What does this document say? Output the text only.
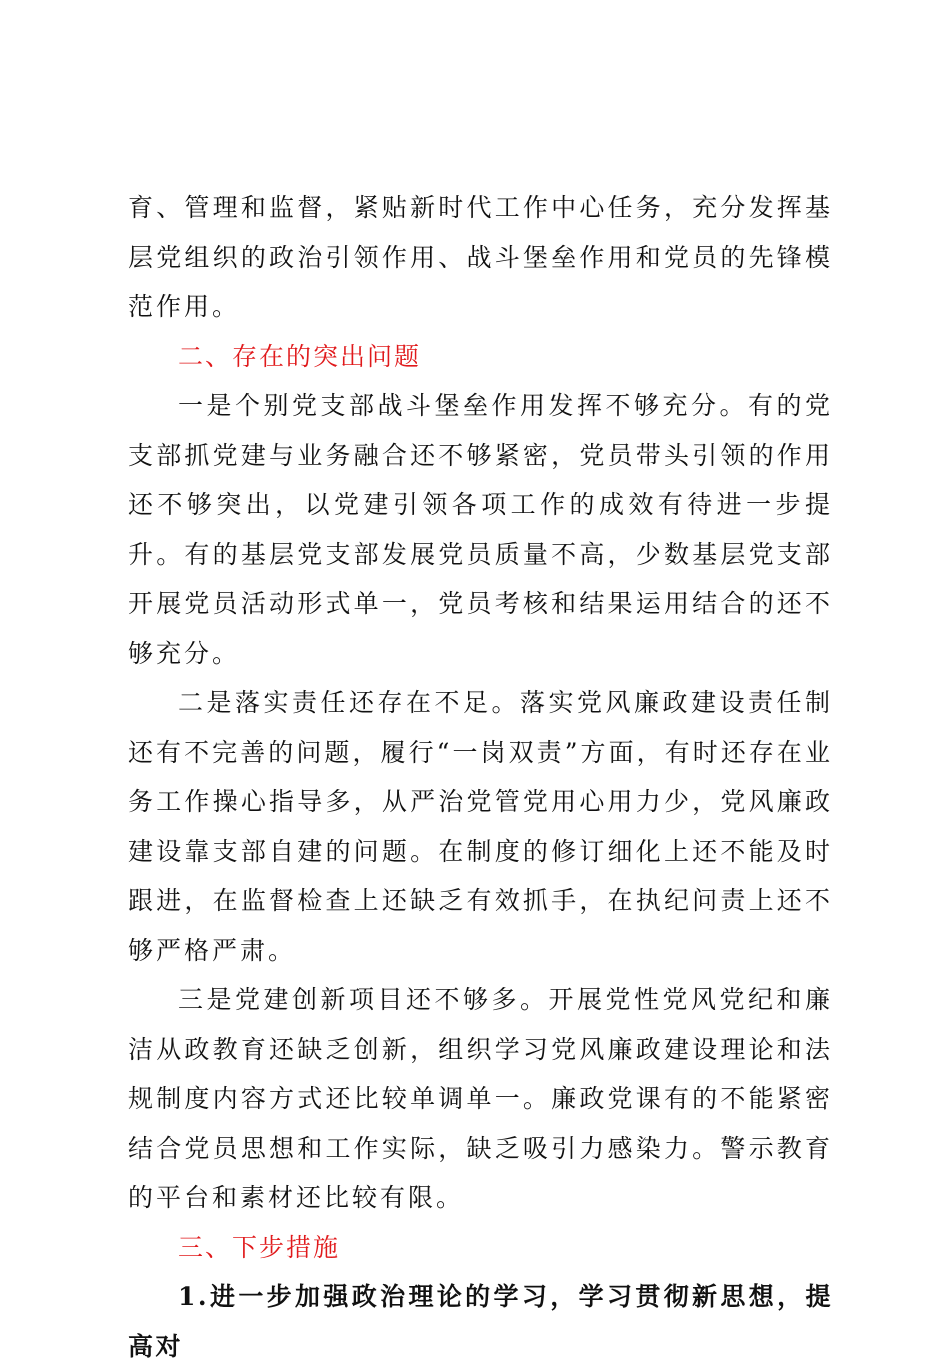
育、管理和监督，紧贴新时代工作中心任务，充分发挥基层党组织的政治引领作用、战斗堡垒作用和党员的先锋模范作用。

二、存在的突出问题

一是个别党支部战斗堡垒作用发挥不够充分。有的党支部抓党建与业务融合还不够紧密，党员带头引领的作用还不够突出，以党建引领各项工作的成效有待进一步提升。有的基层党支部发展党员质量不高，少数基层党支部开展党员活动形式单一，党员考核和结果运用结合的还不够充分。

二是落实责任还存在不足。落实党风廉政建设责任制还有不完善的问题，履行“一岗双责”方面，有时还存在业务工作操心指导多，从严治党管党用心用力少，党风廉政建设靠支部自建的问题。在制度的修订细化上还不能及时跟进，在监督检查上还缺乏有效抓手，在执纪问责上还不够严格严肃。

三是党建创新项目还不够多。开展党性党风党纪和廉洁从政教育还缺乏创新，组织学习党风廉政建设理论和法规制度内容方式还比较单调单一。廉政党课有的不能紧密结合党员思想和工作实际，缺乏吸引力感染力。警示教育的平台和素材还比较有限。

三、下步措施

1.进一步加强政治理论的学习，学习贯彻新思想，提高对
